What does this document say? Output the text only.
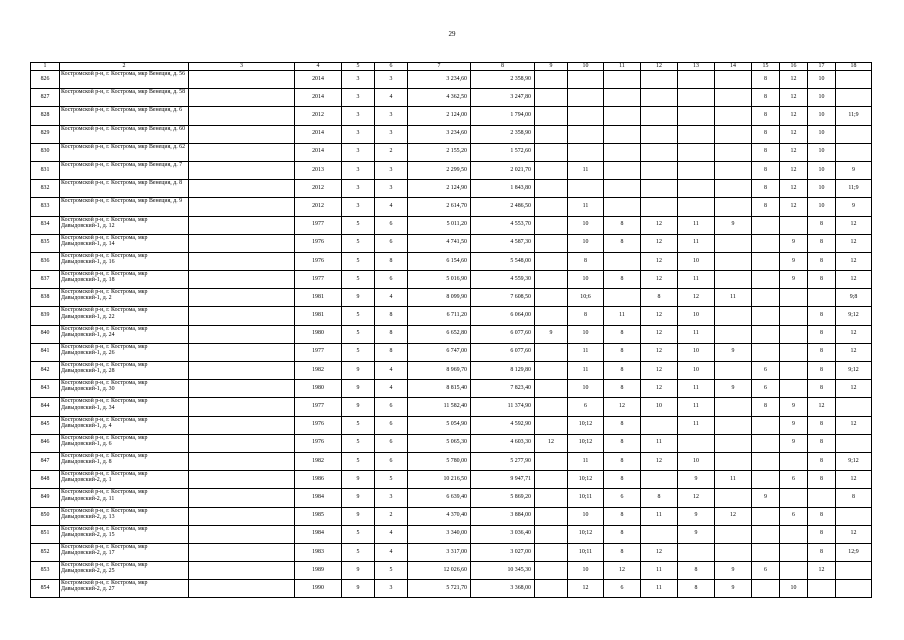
29
1	2	3	4	5	6	7	8	9	10	11	12	13	14	15	16	17	18
826	Костромской р-н, г. Кострома, мкр Венеция, д. 56		2014	3	3	3 234,60	2 358,90							8	12	10	
827	Костромской р-н, г. Кострома, мкр Венеция, д. 58		2014	3	4	4 362,50	3 247,80							8	12	10	
828	Костромской р-н, г. Кострома, мкр Венеция, д. 6		2012	3	3	2 124,00	1 794,00							8	12	10	11;9
829	Костромской р-н, г. Кострома, мкр Венеция, д. 60		2014	3	3	3 234,60	2 358,90							8	12	10	
830	Костромской р-н, г. Кострома, мкр Венеция, д. 62		2014	3	2	2 155,20	1 572,60							8	12	10	
831	Костромской р-н, г. Кострома, мкр Венеция, д. 7		2013	3	3	2 299,50	2 021,70		11					8	12	10	9
832	Костромской р-н, г. Кострома, мкр Венеция, д. 8		2012	3	3	2 124,90	1 843,80							8	12	10	11;9
833	Костромской р-н, г. Кострома, мкр Венеция, д. 9		2012	3	4	2 614,70	2 486,50		11					8	12	10	9
834	Костромской р-н, г. Кострома, мкр Давыдовский-1, д. 12		1977	5	6	5 011,20	4 553,70		10	8	12	11	9			8	12
835	Костромской р-н, г. Кострома, мкр Давыдовский-1, д. 14		1976	5	6	4 741,50	4 587,30		10	8	12	11			9	8	12
836	Костромской р-н, г. Кострома, мкр Давыдовский-1, д. 16		1976	5	8	6 154,60	5 548,00		8		12	10			9	8	12
837	Костромской р-н, г. Кострома, мкр Давыдовский-1, д. 18		1977	5	6	5 016,90	4 559,30		10	8	12	11			9	8	12
838	Костромской р-н, г. Кострома, мкр Давыдовский-1, д. 2		1981	9	4	8 099,90	7 608,50		10;6		8	12	11				9;8
839	Костромской р-н, г. Кострома, мкр Давыдовский-1, д. 22		1981	5	8	6 711,20	6 064,00		8	11	12	10				8	9;12
840	Костромской р-н, г. Кострома, мкр Давыдовский-1, д. 24		1980	5	8	6 652,80	6 077,60	9	10	8	12	11				8	12
841	Костромской р-н, г. Кострома, мкр Давыдовский-1, д. 26		1977	5	8	6 747,00	6 077,60		11	8	12	10	9			8	12
842	Костромской р-н, г. Кострома, мкр Давыдовский-1, д. 28		1982	9	4	8 969,70	8 129,80		11	8	12	10		6		8	9;12
843	Костромской р-н, г. Кострома, мкр Давыдовский-1, д. 30		1980	9	4	8 815,40	7 823,40		10	8	12	11	9	6		8	12
844	Костромской р-н, г. Кострома, мкр Давыдовский-1, д. 34		1977	9	6	11 582,40	11 374,90		6	12	10	11		8	9	12	
845	Костромской р-н, г. Кострома, мкр Давыдовский-1, д. 4		1976	5	6	5 054,90	4 592,90		10;12	8		11			9	8	12
846	Костромской р-н, г. Кострома, мкр Давыдовский-1, д. 6		1976	5	6	5 065,30	4 603,30	12	10;12	8	11				9	8	
847	Костромской р-н, г. Кострома, мкр Давыдовский-1, д. 8		1982	5	6	5 780,00	5 277,90		11	8	12	10				8	9;12
848	Костромской р-н, г. Кострома, мкр Давыдовский-2, д. 1		1986	9	5	10 216,50	9 947,71		10;12	8		9	11		6	8	12
849	Костромской р-н, г. Кострома, мкр Давыдовский-2, д. 11		1984	9	3	6 639,40	5 869,20		10;11	6	8	12		9			8
850	Костромской р-н, г. Кострома, мкр Давыдовский-2, д. 13		1985	9	2	4 370,40	3 884,00		10	8	11	9	12		6	8	
851	Костромской р-н, г. Кострома, мкр Давыдовский-2, д. 15		1984	5	4	3 340,00	3 036,40		10;12	8		9				8	12
852	Костромской р-н, г. Кострома, мкр Давыдовский-2, д. 17		1983	5	4	3 317,00	3 027,00		10;11	8	12					8	12;9
853	Костромской р-н, г. Кострома, мкр Давыдовский-2, д. 25		1989	9	5	12 026,60	10 345,30		10	12	11	8	9	6		12	
854	Костромской р-н, г. Кострома, мкр Давыдовский-2, д. 27		1990	9	3	5 721,70	3 368,00		12	6	11	8	9		10		
